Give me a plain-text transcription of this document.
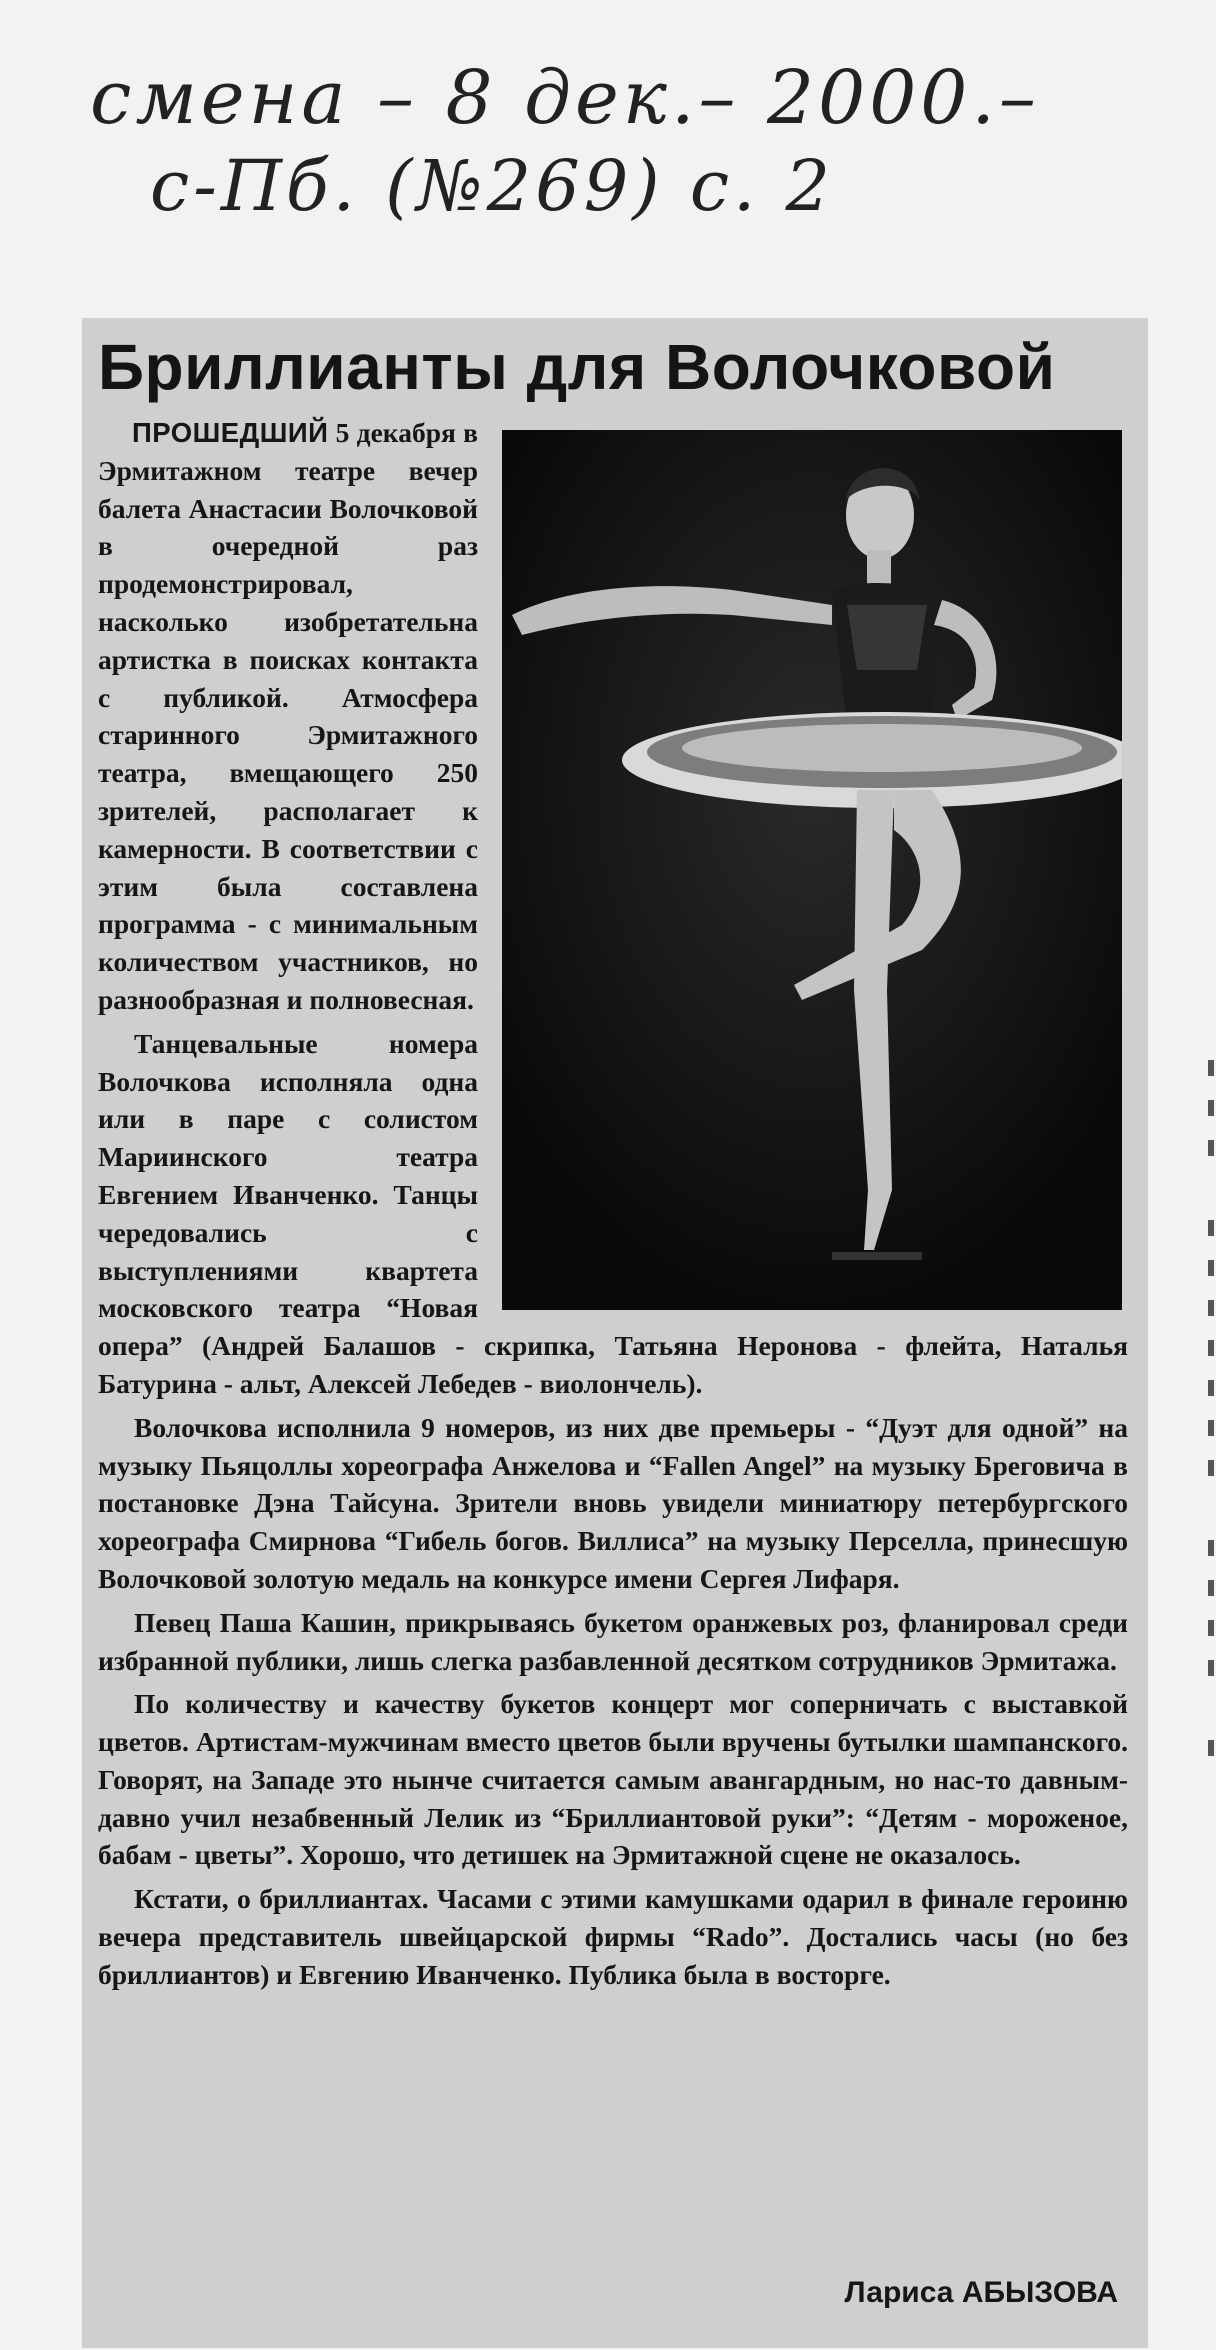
смена – 8 дек.– 2000.–
с-Пб. (№269) с. 2
Бриллианты для Волочковой

ПРОШЕДШИЙ 5 декабря в Эрмитажном театре вечер балета Анастасии Волочковой в очередной раз продемонстрировал, насколько изобретательна артистка в поисках контакта с публикой. Атмосфера старинного Эрмитажного театра, вмещающего 250 зрителей, располагает к камерности. В соответствии с этим была составлена программа - с минимальным количеством участников, но разнообразная и полновесная.

Танцевальные номера Волочкова исполняла одна или в паре с солистом Мариинского театра Евгением Иванченко. Танцы чередовались с выступлениями квартета московского театра “Новая опера” (Андрей Балашов - скрипка, Татьяна Неронова - флейта, Наталья Батурина - альт, Алексей Лебедев - виолончель).

Волочкова исполнила 9 номеров, из них две премьеры - “Дуэт для одной” на музыку Пьяцоллы хореографа Анжелова и “Fallen Angel” на музыку Бреговича в постановке Дэна Тайсуна. Зрители вновь увидели миниатюру петербургского хореографа Смирнова “Гибель богов. Виллиса” на музыку Перселла, принесшую Волочковой золотую медаль на конкурсе имени Сергея Лифаря.

Певец Паша Кашин, прикрываясь букетом оранжевых роз, фланировал среди избранной публики, лишь слегка разбавленной десятком сотрудников Эрмитажа.

По количеству и качеству букетов концерт мог соперничать с выставкой цветов. Артистам-мужчинам вместо цветов были вручены бутылки шампанского. Говорят, на Западе это нынче считается самым авангардным, но нас-то давным-давно учил незабвенный Лелик из “Бриллиантовой руки”: “Детям - мороженое, бабам - цветы”. Хорошо, что детишек на Эрмитажной сцене не оказалось.

Кстати, о бриллиантах. Часами с этими камушками одарил в финале героиню вечера представитель швейцарской фирмы “Rado”. Достались часы (но без бриллиантов) и Евгению Иванченко. Публика была в восторге.

Лариса АБЫЗОВА
